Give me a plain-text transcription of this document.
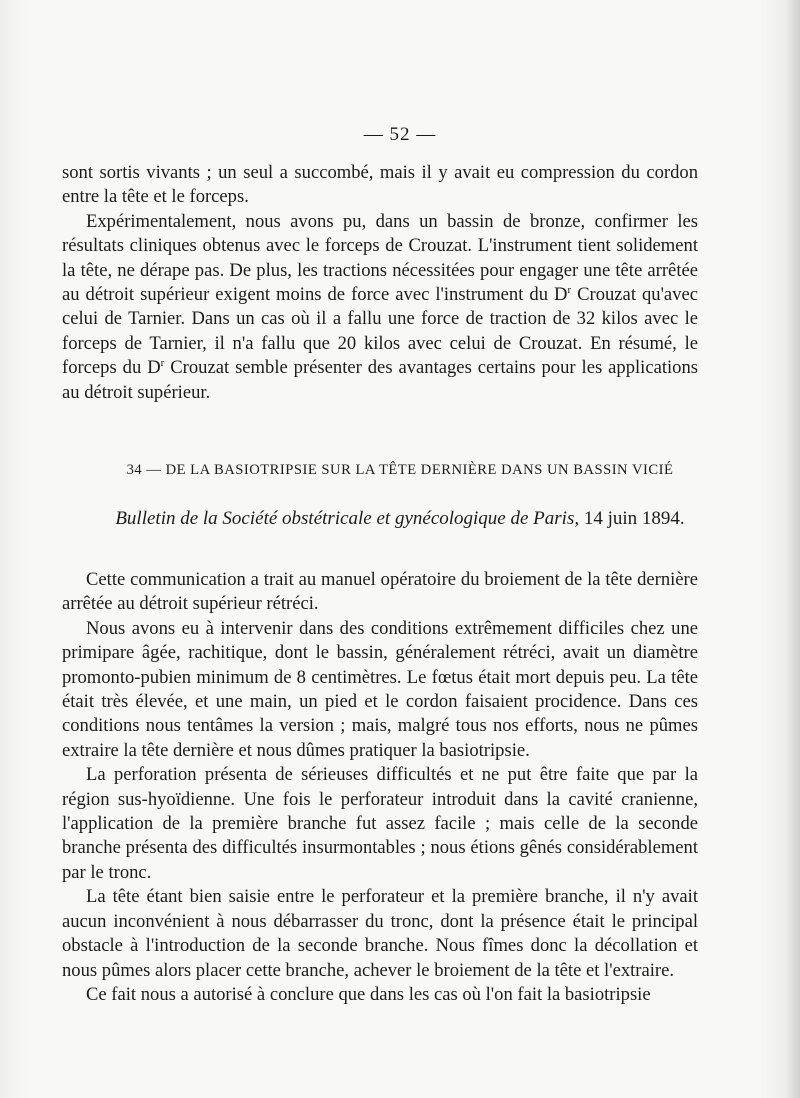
— 52 —

sont sortis vivants ; un seul a succombé, mais il y avait eu compression du cordon entre la tête et le forceps.

Expérimentalement, nous avons pu, dans un bassin de bronze, confirmer les résultats cliniques obtenus avec le forceps de Crouzat. L'instrument tient solidement la tête, ne dérape pas. De plus, les tractions nécessitées pour engager une tête arrêtée au détroit supérieur exigent moins de force avec l'instrument du $D^r$ Crouzat qu'avec celui de Tarnier. Dans un cas où il a fallu une force de traction de 32 kilos avec le forceps de Tarnier, il n'a fallu que 20 kilos avec celui de Crouzat. En résumé, le forceps du $D^r$ Crouzat semble présenter des avantages certains pour les applications au détroit supérieur.

34 — DE LA BASIOTRIPSIE SUR LA TÊTE DERNIÈRE DANS UN BASSIN VICIÉ
Bulletin de la Société obstétricale et gynécologique de Paris, 14 juin 1894.

Cette communication a trait au manuel opératoire du broiement de la tête dernière arrêtée au détroit supérieur rétréci.

Nous avons eu à intervenir dans des conditions extrêmement difficiles chez une primipare âgée, rachitique, dont le bassin, généralement rétréci, avait un diamètre promonto-pubien minimum de 8 centimètres. Le fœtus était mort depuis peu. La tête était très élevée, et une main, un pied et le cordon faisaient procidence. Dans ces conditions nous tentâmes la version ; mais, malgré tous nos efforts, nous ne pûmes extraire la tête dernière et nous dûmes pratiquer la basiotripsie.

La perforation présenta de sérieuses difficultés et ne put être faite que par la région sus-hyoïdienne. Une fois le perforateur introduit dans la cavité cranienne, l'application de la première branche fut assez facile ; mais celle de la seconde branche présenta des difficultés insurmontables ; nous étions gênés considérablement par le tronc.

La tête étant bien saisie entre le perforateur et la première branche, il n'y avait aucun inconvénient à nous débarrasser du tronc, dont la présence était le principal obstacle à l'introduction de la seconde branche. Nous fîmes donc la décollation et nous pûmes alors placer cette branche, achever le broiement de la tête et l'extraire.

Ce fait nous a autorisé à conclure que dans les cas où l'on fait la basiotripsie
